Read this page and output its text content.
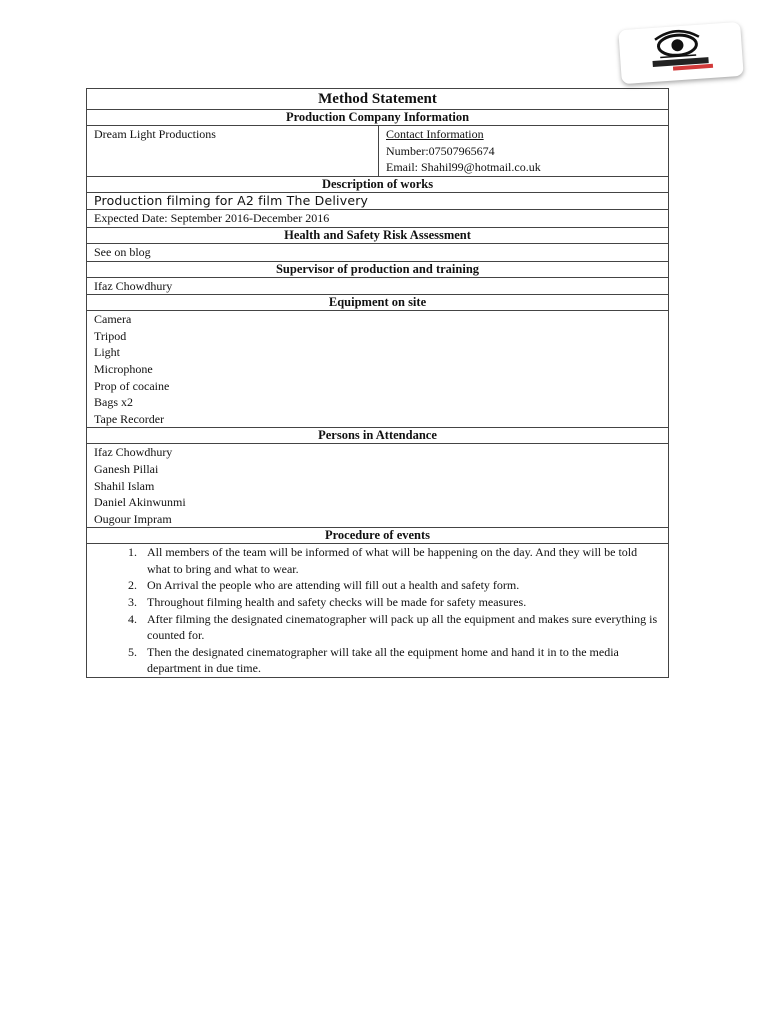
Method Statement
Production Company Information

Dream Light Productions	Contact Information
Number:07507965674
Email: Shahil99@hotmail.co.uk

Description of works

Production filming for A2 film The Delivery

Expected Date: September 2016-December 2016

Health and Safety Risk Assessment

See on blog

Supervisor of production and training

Ifaz Chowdhury

Equipment on site

Camera
Tripod
Light
Microphone
Prop of cocaine
Bags x2
Tape Recorder

Persons in Attendance

Ifaz Chowdhury
Ganesh Pillai
Shahil Islam
Daniel Akinwunmi
Ougour Impram

Procedure of events

1. All members of the team will be informed of what will be happening on the day. And they will be told what to bring and what to wear.
2. On Arrival the people who are attending will fill out a health and safety form.
3. Throughout filming health and safety checks will be made for safety measures.
4. After filming the designated cinematographer will pack up all the equipment and makes sure everything is counted for.
5. Then the designated cinematographer will take all the equipment home and hand it in to the media department in due time.
